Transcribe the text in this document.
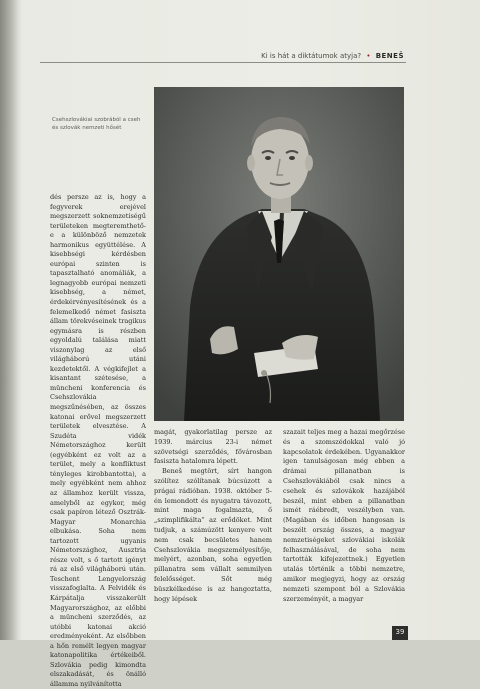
Ki is hát a diktátumok atyja? • BENEŠ

Csehszlovákiai szobrából a cseh és szlovák nemzeti hősét

dés persze az is, hogy a fegyverek erejével megszerzett soknemzetiségű területeken megteremthető-e a különböző nemzetek harmonikus együttélése. A kisebbségi kérdésben európai szinten is tapasztalható anomáliák, a legnagyobb európai nemzeti kisebbség, a német, érdekérvényesítésének és a felemelkedő német fasiszta állam törekvéseinek tragikus egymásra is részben egyoldalú találása miatt viszonylag az első világháború utáni kezdetektől. A végkifejlet a kisantant szétesése, a müncheni konferencia és Csehszlovákia megszűnésében, az összes katonai erővel megszerzett területek elvesztése. A Szudéta vidék Németországhoz került (egyébként ez volt az a terület, mely a konfliktust tényleges kirobbantotta), a mely egyébként nem ahhoz az államhoz került vissza, amelyből az egykor, még csak papíron létező Osztrák-Magyar Monarchia elbukása. Soha nem tartozott ugyanis Németországhoz, Ausztria része volt, s ő tartott igényt rá az első világháború után. Teschent Lengyelország visszafoglalta. A Felvidék és Kárpátalja visszakerült Magyarországhoz, az előbbi a müncheni szerződés, az utóbbi katonai akció eredményeként. Az elsőbben a hőn remélt legyen magyar katonapolitika értékeiből. Szlovákia pedig kimondta elszakadását, és önálló államma nyilvánította

magát, gyakorlatilag persze az 1939. március 23-i német szövetségi szerződés, fővárosban fasiszta hatalomra lépett.

Beneš megtört, sírt hangon szólítez szólítanak búcsúzott a prágai rádióban. 1938. október 5-én lemondott és nyugatra távozott, mint maga fogalmazta, ő „szimplifikálta” az erődöket. Mint tudjuk, a számúzött kenyere volt nem csak becsületes hanem Csehszlovákia megszemélyesítője, melyért, azonban, soha egyetlen pillanatra sem vállalt semmilyen felelősséget. Sőt még büszkélkedése is az hangoztatta, hogy lépések

szazait teljes meg a hazai megőrzése és a szomszédokkal való jó kapcsolatok érdekében. Ugyanakkor igen tanulságosan még ebben a drámai pillanatban is Csehszlovákiából csak nincs a csehek és szlovákok hazájából beszél, mint ebben a pillanatban ismét ráébredt, veszélyben van. (Magában és időben hangosan is beszélt ország összes, a magyar nemzetiségeket szlovákiai iskolák felhasználásával, de soha nem tartották kifejezettnek.) Egyetlen utalás történik a többi nemzetre, amikor megjegyzi, hogy az ország nemzeti szempont ból a Szlovákia szerzeményét, a magyar

39
